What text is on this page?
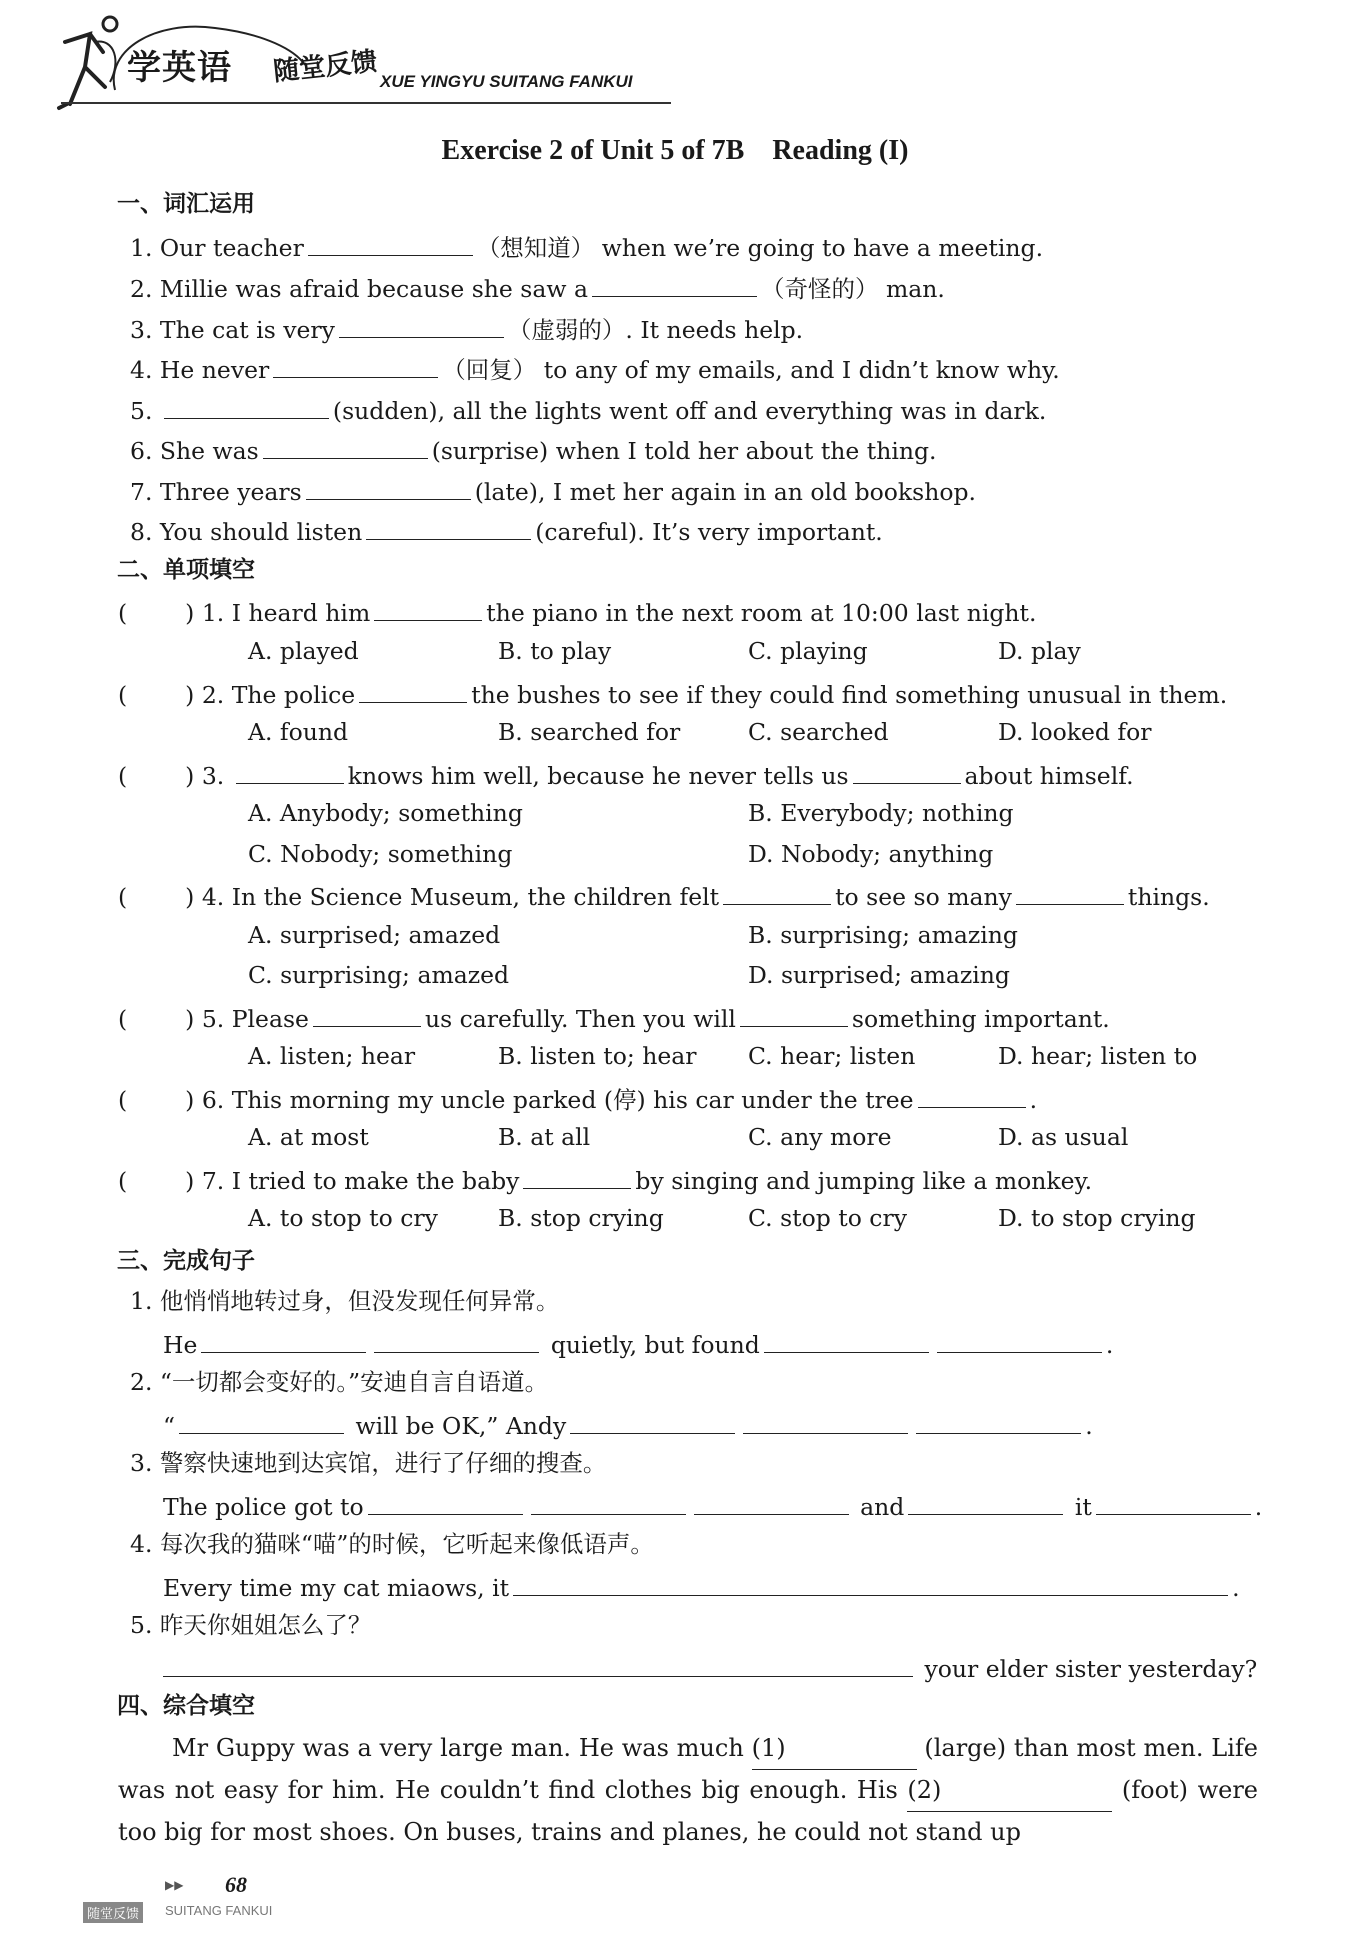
学英语 随堂反馈 XUE YINGYU SUITANG FANKUI
Exercise 2 of Unit 5 of 7B　Reading (I)
一、词汇运用
1. Our teacher	（想知道） when we’re going to have a meeting.
2. Millie was afraid because she saw a	（奇怪的） man.
3. The cat is very	（虚弱的）. It needs help.
4. He never	（回复） to any of my emails, and I didn’t know why.
5.	(sudden), all the lights went off and everything was in dark.
6. She was	(surprise) when I told her about the thing.
7. Three years	(late), I met her again in an old bookshop.
8. You should listen	(careful). It’s very important.
二、单项填空
( ) 1. I heard him	the piano in the next room at 10:00 last night.
A. played	B. to play	C. playing	D. play
( ) 2. The police	the bushes to see if they could find something unusual in them.
A. found	B. searched for	C. searched	D. looked for
( ) 3.	knows him well, because he never tells us	about himself.
A. Anybody; something	B. Everybody; nothing
C. Nobody; something	D. Nobody; anything
( ) 4. In the Science Museum, the children felt	to see so many	things.
A. surprised; amazed	B. surprising; amazing
C. surprising; amazed	D. surprised; amazing
( ) 5. Please	us carefully. Then you will	something important.
A. listen; hear	B. listen to; hear C. hear; listen	D. hear; listen to
( ) 6. This morning my uncle parked (停) his car under the tree	.
A. at most	B. at all	C. any more	D. as usual
( ) 7. I tried to make the baby	by singing and jumping like a monkey.
A. to stop to cry	B. stop crying	C. stop to cry	D. to stop crying
三、完成句子
1. 他悄悄地转过身，但没发现任何异常。
He	quietly, but found	.
2. “一切都会变好的。”安迪自言自语道。
“	will be OK,” Andy	.
3. 警察快速地到达宾馆，进行了仔细的搜查。
The police got to	and	it	.
4. 每次我的猫咪“喵”的时候，它听起来像低语声。
Every time my cat miaows, it	.
5. 昨天你姐姐怎么了？
your elder sister yesterday?
四、综合填空
Mr Guppy was a very large man. He was much (1)	(large) than most men. Life was not easy for him. He couldn’t find clothes big enough. His (2)	(foot) were too big for most shoes. On buses, trains and planes, he could not stand up
▶▶ 68
随堂反馈	SUITANG FANKUI
